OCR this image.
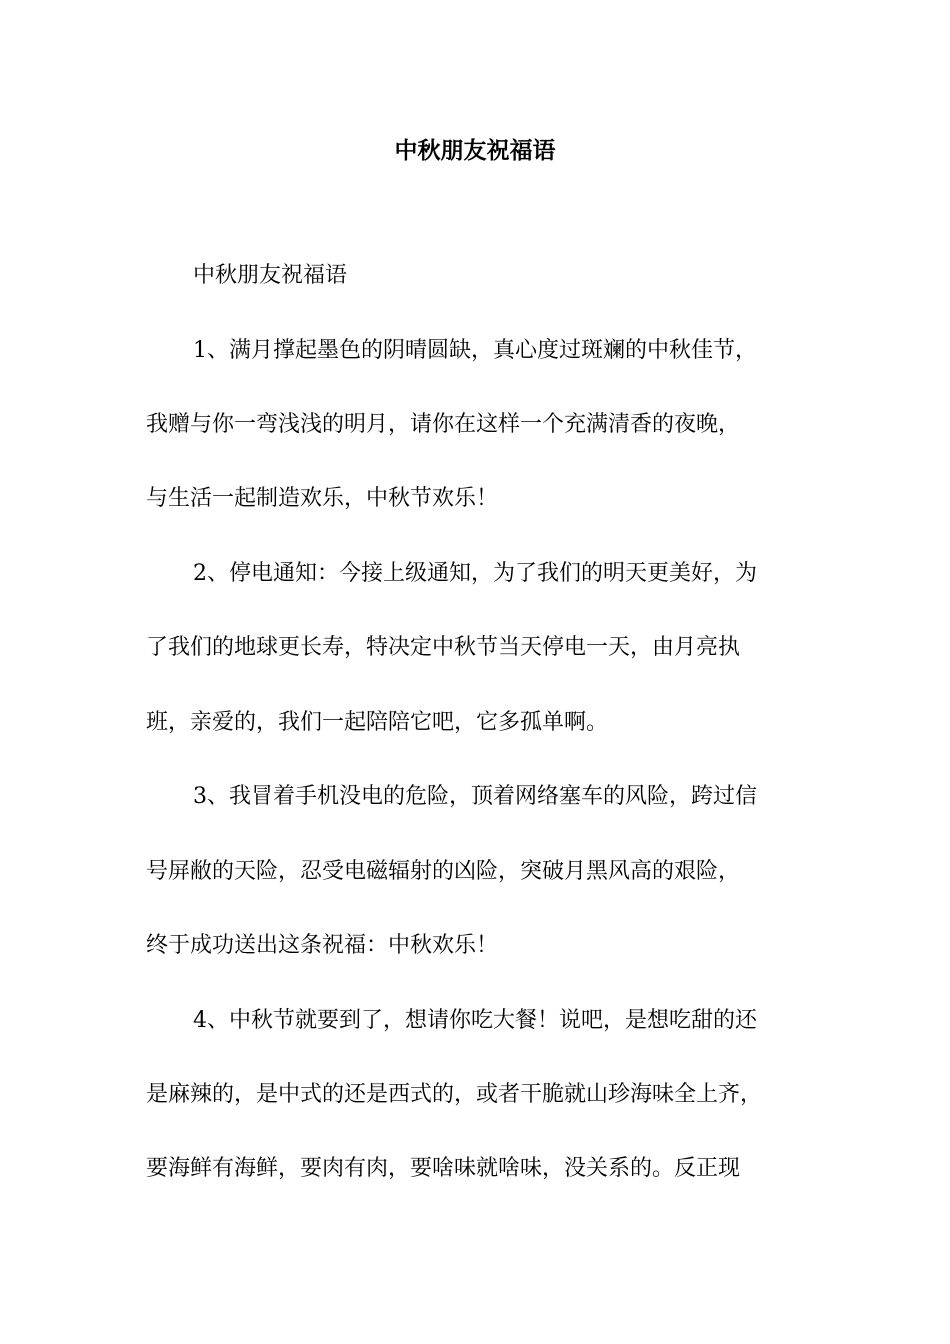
中秋朋友祝福语

中秋朋友祝福语

1、满月撑起墨色的阴晴圆缺，真心度过斑斓的中秋佳节，

我赠与你一弯浅浅的明月，请你在这样一个充满清香的夜晚，

与生活一起制造欢乐，中秋节欢乐！

2、停电通知：今接上级通知，为了我们的明天更美好，为

了我们的地球更长寿，特决定中秋节当天停电一天，由月亮执

班，亲爱的，我们一起陪陪它吧，它多孤单啊。

3、我冒着手机没电的危险，顶着网络塞车的风险，跨过信

号屏敝的天险，忍受电磁辐射的凶险，突破月黑风高的艰险，

终于成功送出这条祝福：中秋欢乐！

4、中秋节就要到了，想请你吃大餐！说吧，是想吃甜的还

是麻辣的，是中式的还是西式的，或者干脆就山珍海味全上齐，

要海鲜有海鲜，要肉有肉，要啥味就啥味，没关系的。反正现
